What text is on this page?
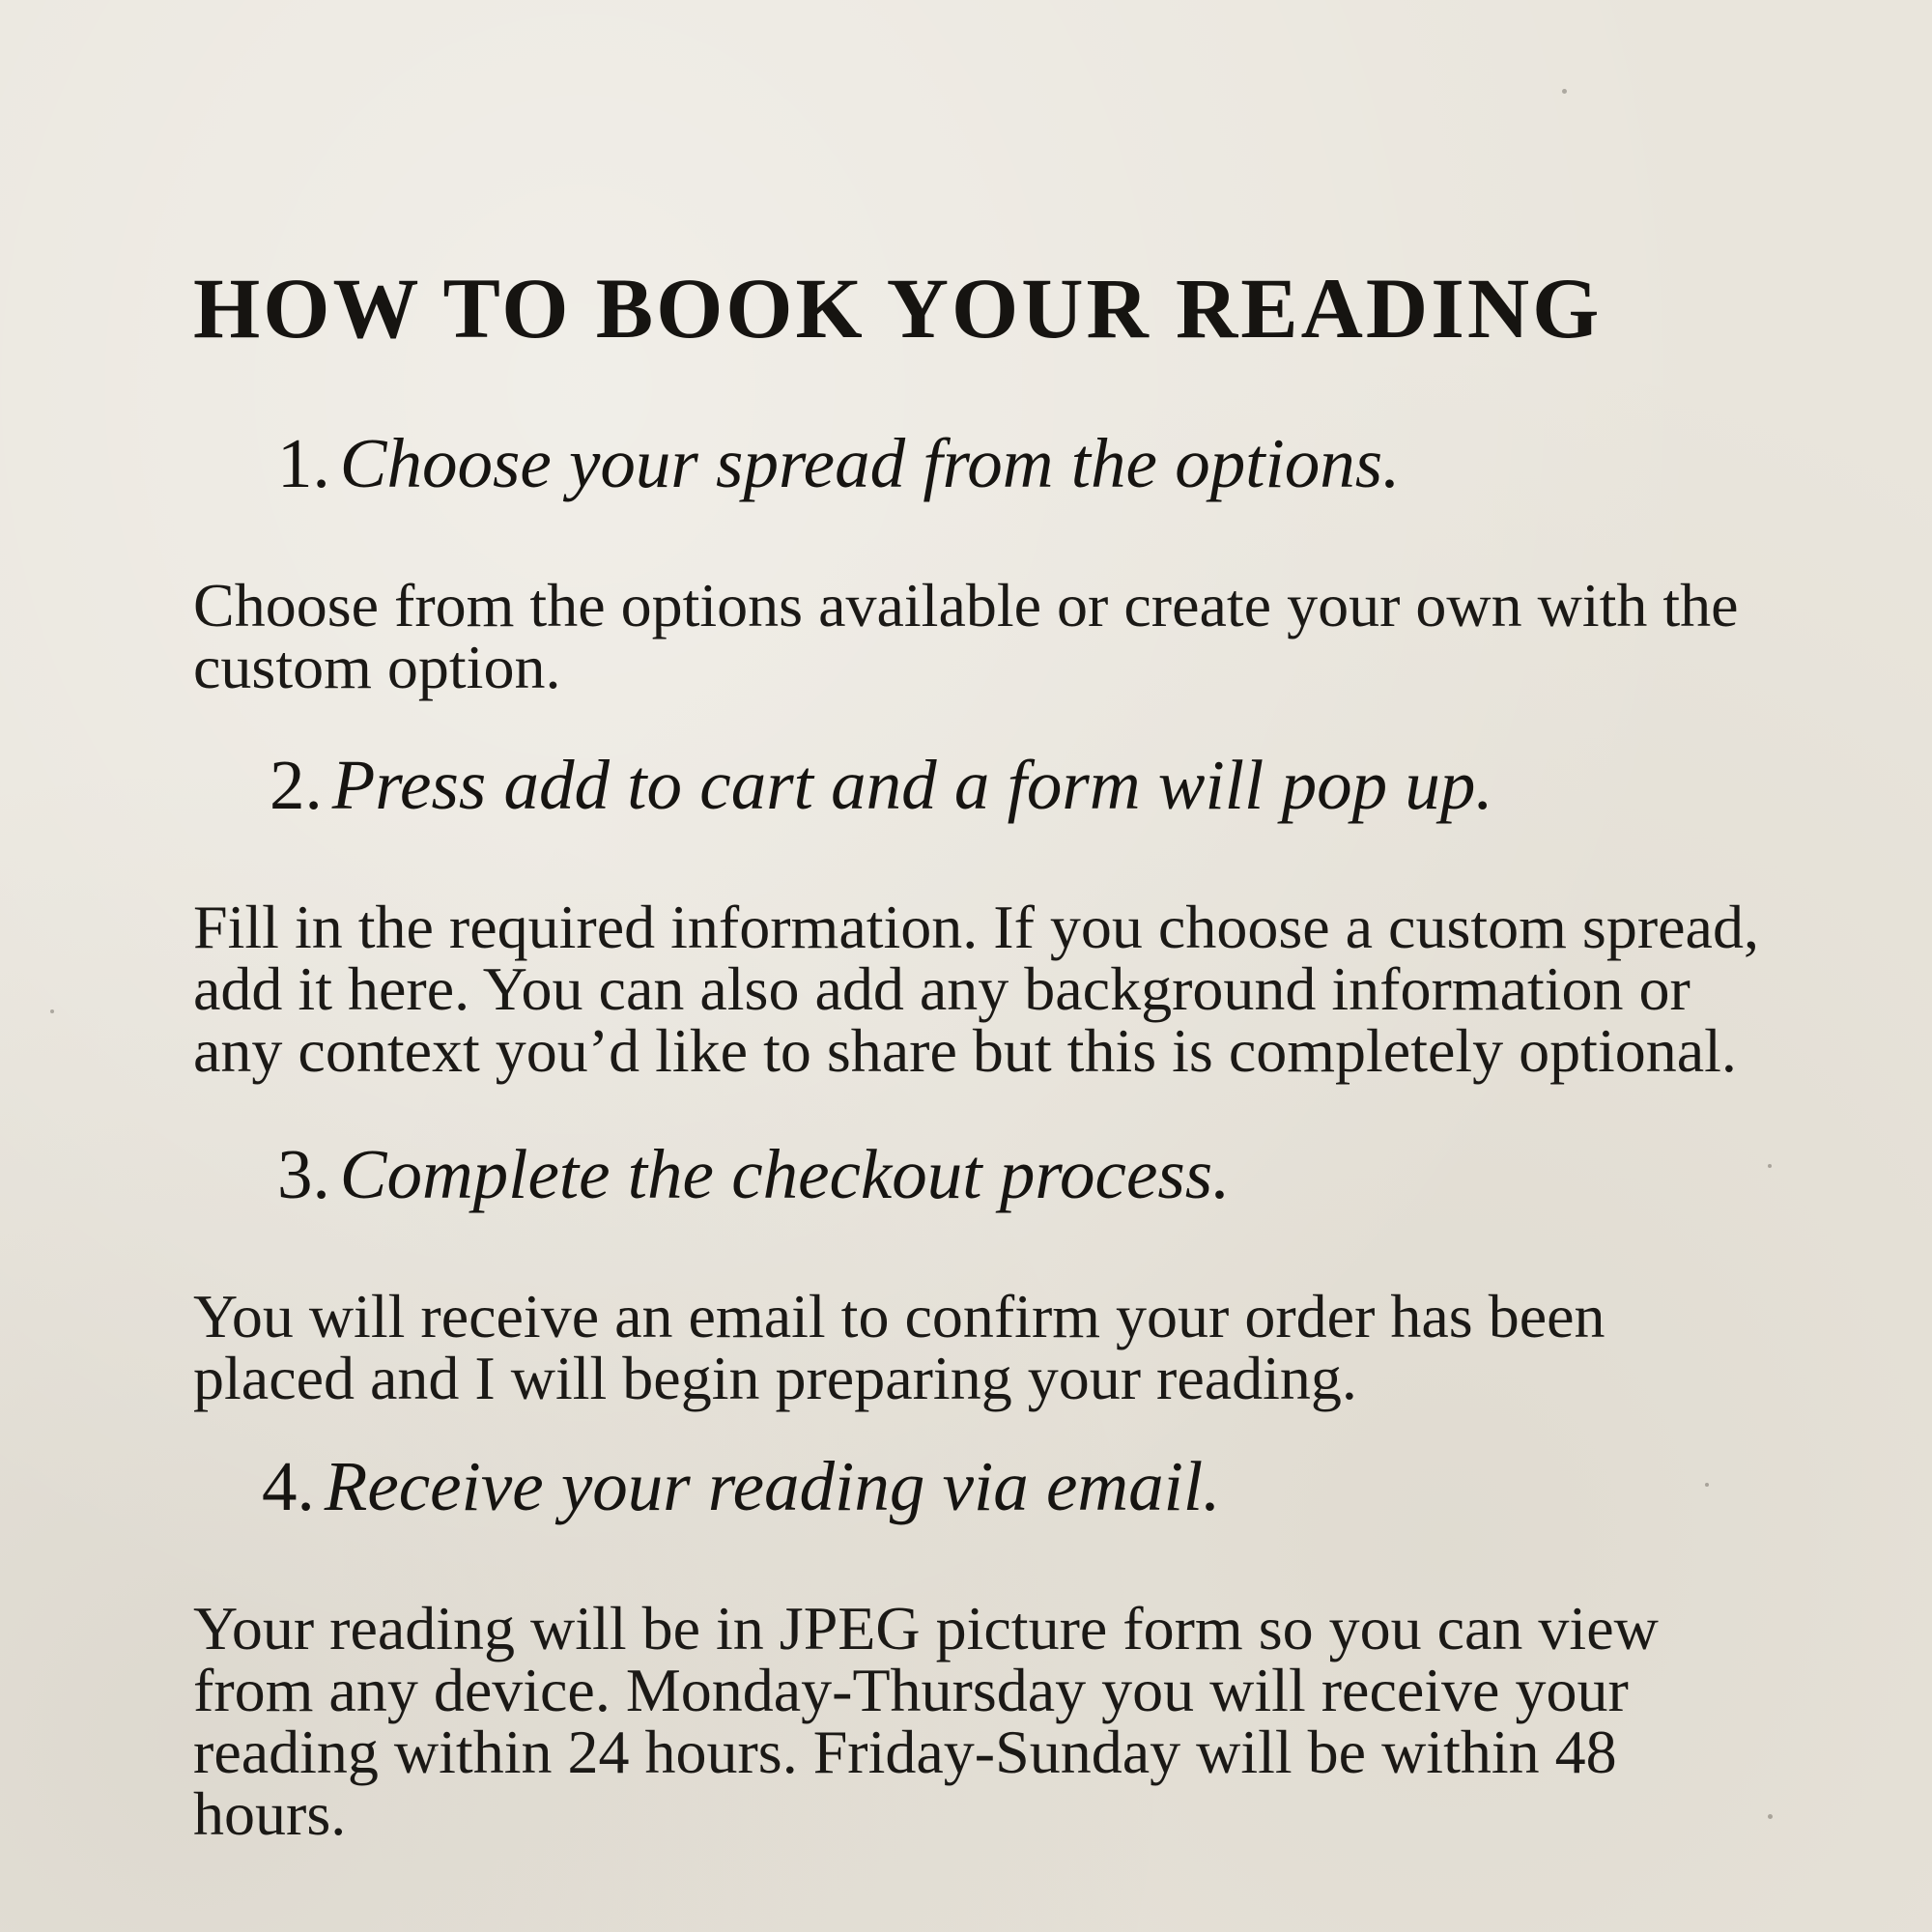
HOW TO BOOK YOUR READING

1. Choose your spread from the options.

Choose from the options available or create your own with the custom option.

2. Press add to cart and a form will pop up.

Fill in the required information. If you choose a custom spread, add it here. You can also add any background information or any context you’d like to share but this is completely optional.

3. Complete the checkout process.

You will receive an email to confirm your order has been placed and I will begin preparing your reading.

4. Receive your reading via email.

Your reading will be in JPEG picture form so you can view from any device. Monday-Thursday you will receive your reading within 24 hours. Friday-Sunday will be within 48 hours.
